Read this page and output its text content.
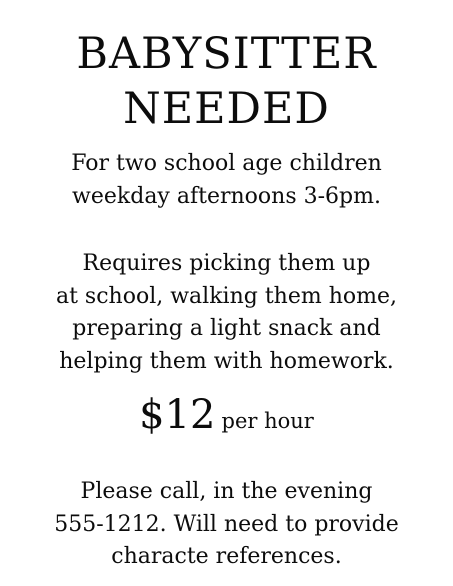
BABYSITTER
NEEDED
For two school age children
weekday afternoons 3-6pm.
Requires picking them up
at school, walking them home,
preparing a light snack and
helping them with homework.
$12 per hour
Please call, in the evening
555-1212. Will need to provide
characte references.
